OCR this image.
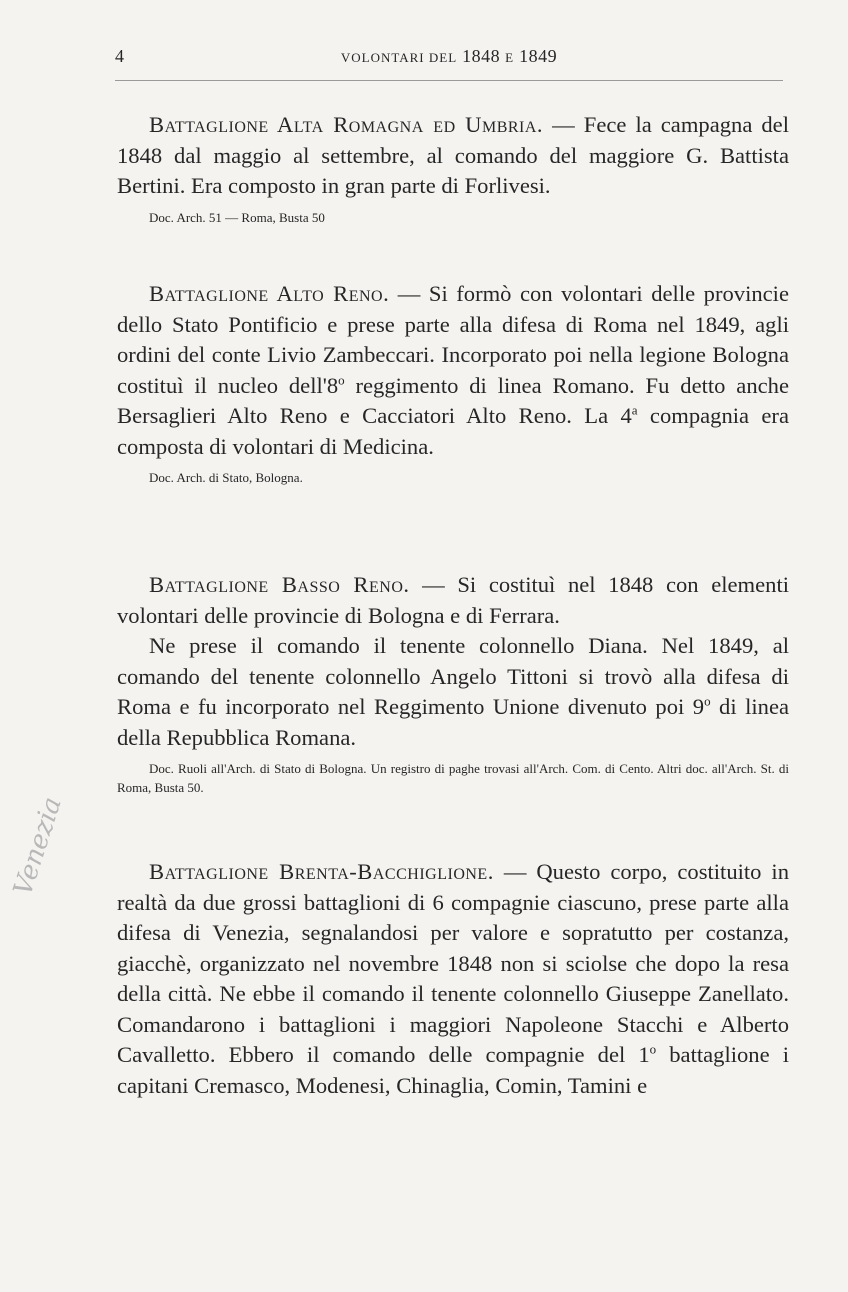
4	VOLONTARI DEL 1848 E 1849

Battaglione Alta Romagna ed Umbria. — Fece la campagna del 1848 dal maggio al settembre, al comando del maggiore G. Battista Bertini. Era composto in gran parte di Forlivesi.

Doc. Arch. 51 — Roma, Busta 50

Battaglione Alto Reno. — Si formò con volontari delle provincie dello Stato Pontificio e prese parte alla difesa di Roma nel 1849, agli ordini del conte Livio Zambeccari. Incorporato poi nella legione Bologna costituì il nucleo dell'8$^o$ reggimento di linea Romano. Fu detto anche Bersaglieri Alto Reno e Cacciatori Alto Reno. La 4$^a$ compagnia era composta di volontari di Medicina.

Doc. Arch. di Stato, Bologna.

Battaglione Basso Reno. — Si costituì nel 1848 con elementi volontari delle provincie di Bologna e di Ferrara.

Ne prese il comando il tenente colonnello Diana. Nel 1849, al comando del tenente colonnello Angelo Tittoni si trovò alla difesa di Roma e fu incorporato nel Reggimento Unione divenuto poi 9$^o$ di linea della Repubblica Romana.

Doc. Ruoli all'Arch. di Stato di Bologna. Un registro di paghe trovasi all'Arch. Com. di Cento. Altri doc. all'Arch. St. di Roma, Busta 50.

Battaglione Brenta-Bacchiglione. — Questo corpo, costituito in realtà da due grossi battaglioni di 6 compagnie ciascuno, prese parte alla difesa di Venezia, segnalandosi per valore e sopratutto per costanza, giacchè, organizzato nel novembre 1848 non si sciolse che dopo la resa della città. Ne ebbe il comando il tenente colonnello Giuseppe Zanellato. Comandarono i battaglioni i maggiori Napoleone Stacchi e Alberto Cavalletto. Ebbero il comando delle compagnie del 1$^o$ battaglione i capitani Cremasco, Modenesi, Chinaglia, Comin, Tamini e

Venezia
